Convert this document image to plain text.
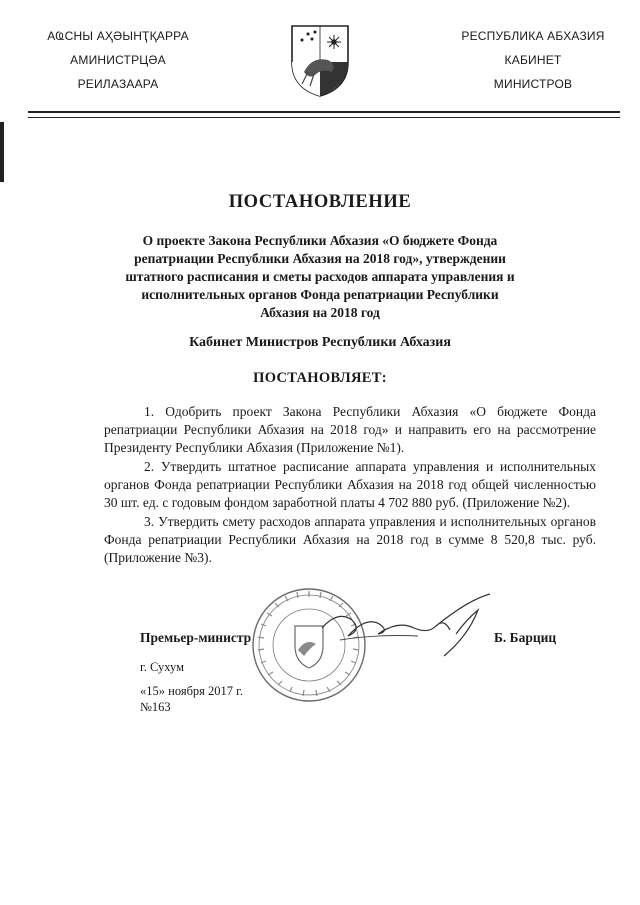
АҨСНЫ АҲӘЫНҬҚАРРА
АМИНИСТРЦӘА
РЕИЛАЗААРА
РЕСПУБЛИКА АБХАЗИЯ
КАБИНЕТ
МИНИСТРОВ
ПОСТАНОВЛЕНИЕ
О проекте Закона Республики Абхазия «О бюджете Фонда репатриации Республики Абхазия на 2018 год», утверждении штатного расписания и сметы расходов аппарата управления и исполнительных органов Фонда репатриации Республики Абхазия на 2018 год
Кабинет Министров Республики Абхазия
ПОСТАНОВЛЯЕТ:

1. Одобрить проект Закона Республики Абхазия «О бюджете Фонда репатриации Республики Абхазия на 2018 год» и направить его на рассмотрение Президенту Республики Абхазия (Приложение №1).

2. Утвердить штатное расписание аппарата управления и исполнительных органов Фонда репатриации Республики Абхазия на 2018 год общей численностью 30 шт. ед. с годовым фондом заработной платы 4 702 880 руб. (Приложение №2).

3. Утвердить смету расходов аппарата управления и исполнительных органов Фонда репатриации Республики Абхазия на 2018 год в сумме 8 520,8 тыс. руб. (Приложение №3).

Премьер-министр	Б. Барциц
г. Сухум
«15» ноября 2017 г.
№163
